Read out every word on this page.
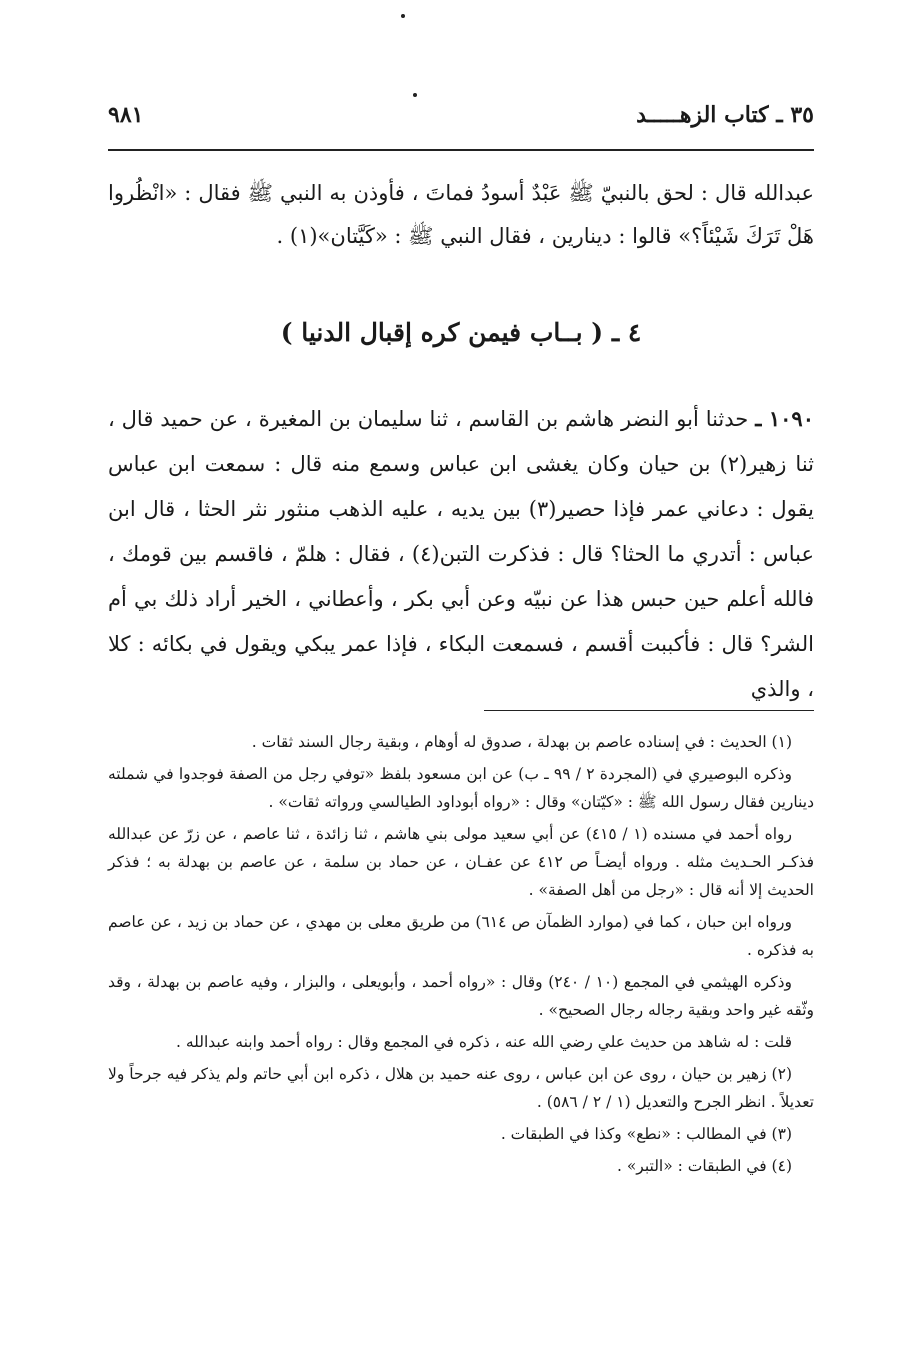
٣٥ ـ كتاب الزهـــــد
٩٨١

عبدالله قال : لحق بالنبيّ ﷺ عَبْدٌ أسودُ فماتَ ، فأوذن به النبي ﷺ فقال : «انْظُروا هَلْ تَرَكَ شَيْئاً؟» قالوا : دينارين ، فقال النبي ﷺ : «كَيَّتان»(١) .

٤ ـ ( بــاب فيمن كره إقبال الدنيا )

١٠٩٠ ـ حدثنا أبو النضر هاشم بن القاسم ، ثنا سليمان بن المغيرة ، عن حميد قال ، ثنا زهير(٢) بن حيان وكان يغشى ابن عباس وسمع منه قال : سمعت ابن عباس يقول : دعاني عمر فإذا حصير(٣) بين يديه ، عليه الذهب منثور نثر الحثا ، قال ابن عباس : أتدري ما الحثا؟ قال : فذكرت التبن(٤) ، فقال : هلمّ ، فاقسم بين قومك ، فالله أعلم حين حبس هذا عن نبيّه وعن أبي بكر ، وأعطاني ، الخير أراد ذلك بي أم الشر؟ قال : فأكببت أقسم ، فسمعت البكاء ، فإذا عمر يبكي ويقول في بكائه : كلا ، والذي

(١) الحديث : في إسناده عاصم بن بهدلة ، صدوق له أوهام ، وبقية رجال السند ثقات .

وذكره البوصيري في (المجردة ٢ / ٩٩ ـ ب) عن ابن مسعود بلفظ «توفي رجل من الصفة فوجدوا في شملته دينارين فقال رسول الله ﷺ : «كيّتان» وقال : «رواه أبوداود الطيالسي ورواته ثقات» .

رواه أحمد في مسنده (١ / ٤١٥) عن أبي سعيد مولى بني هاشم ، ثنا زائدة ، ثنا عاصم ، عن زرّ عن عبدالله فذكـر الحـديث مثله . ورواه أيضـاً ص ٤١٢ عن عفـان ، عن حماد بن سلمة ، عن عاصم بن بهدلة به ؛ فذكر الحديث إلا أنه قال : «رجل من أهل الصفة» .

ورواه ابن حبان ، كما في (موارد الظمآن ص ٦١٤) من طريق معلى بن مهدي ، عن حماد بن زيد ، عن عاصم به فذكره .

وذكره الهيثمي في المجمع (١٠ / ٢٤٠) وقال : «رواه أحمد ، وأبويعلى ، والبزار ، وفيه عاصم بن بهدلة ، وقد وثّقه غير واحد وبقية رجاله رجال الصحيح» .

قلت : له شاهد من حديث علي رضي الله عنه ، ذكره في المجمع وقال : رواه أحمد وابنه عبدالله .

(٢) زهير بن حيان ، روى عن ابن عباس ، روى عنه حميد بن هلال ، ذكره ابن أبي حاتم ولم يذكر فيه جرحاً ولا تعديلاً . انظر الجرح والتعديل (١ / ٢ / ٥٨٦) .

(٣) في المطالب : «نطع» وكذا في الطبقات .

(٤) في الطبقات : «التبر» .
